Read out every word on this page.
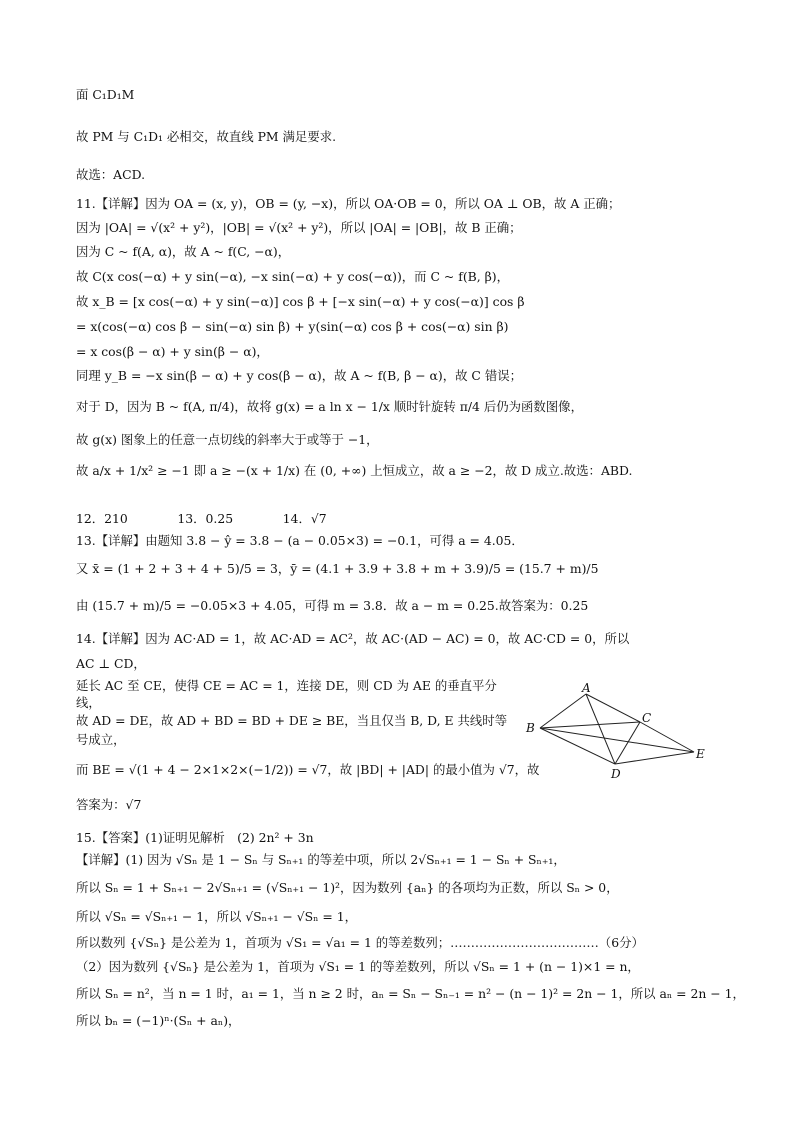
面 C₁D₁M
故 PM 与 C₁D₁ 必相交，故直线 PM 满足要求.
故选：ACD.
11.【详解】因为 OA = (x, y)，OB = (y, −x)，所以 OA·OB = 0，所以 OA ⊥ OB，故 A 正确；
因为 |OA| = √(x² + y²)，|OB| = √(x² + y²)，所以 |OA| = |OB|，故 B 正确；
因为 C ~ f(A, α)，故 A ~ f(C, −α)，
故 C(x cos(−α) + y sin(−α), −x sin(−α) + y cos(−α))，而 C ~ f(B, β)，
故 x_B = [x cos(−α) + y sin(−α)] cos β + [−x sin(−α) + y cos(−α)] cos β
= x(cos(−α) cos β − sin(−α) sin β) + y(sin(−α) cos β + cos(−α) sin β)
= x cos(β − α) + y sin(β − α)，
同理 y_B = −x sin(β − α) + y cos(β − α)，故 A ~ f(B, β − α)，故 C 错误；
对于 D，因为 B ~ f(A, π/4)，故将 g(x) = a ln x − 1/x 顺时针旋转 π/4 后仍为函数图像，
故 g(x) 图象上的任意一点切线的斜率大于或等于 −1，
故 a/x + 1/x² ≥ −1 即 a ≥ −(x + 1/x) 在 (0, +∞) 上恒成立，故 a ≥ −2，故 D 成立.故选：ABD.
12．210　　　　13．0.25　　　　14．√7
13.【详解】由题知 3.8 − ŷ = 3.8 − (a − 0.05×3) = −0.1，可得 a = 4.05．
又 x̄ = (1 + 2 + 3 + 4 + 5)/5 = 3，ȳ = (4.1 + 3.9 + 3.8 + m + 3.9)/5 = (15.7 + m)/5
由 (15.7 + m)/5 = −0.05×3 + 4.05，可得 m = 3.8．故 a − m = 0.25.故答案为：0.25
14.【详解】因为 AC·AD = 1，故 AC·AD = AC²，故 AC·(AD − AC) = 0，故 AC·CD = 0，所以
AC ⊥ CD，
延长 AC 至 CE，使得 CE = AC = 1，连接 DE，则 CD 为 AE 的垂直平分
线，
故 AD = DE，故 AD + BD = BD + DE ≥ BE，当且仅当 B, D, E 共线时等
号成立，
而 BE = √(1 + 4 − 2×1×2×(−1/2)) = √7，故 |BD| + |AD| 的最小值为 √7，故
答案为：√7
15.【答案】(1)证明见解析　(2) 2n² + 3n
【详解】(1) 因为 √Sₙ 是 1 − Sₙ 与 Sₙ₊₁ 的等差中项，所以 2√Sₙ₊₁ = 1 − Sₙ + Sₙ₊₁，
所以 Sₙ = 1 + Sₙ₊₁ − 2√Sₙ₊₁ = (√Sₙ₊₁ − 1)²，因为数列 {aₙ} 的各项均为正数，所以 Sₙ > 0，
所以 √Sₙ = √Sₙ₊₁ − 1，所以 √Sₙ₊₁ − √Sₙ = 1，
所以数列 {√Sₙ} 是公差为 1，首项为 √S₁ = √a₁ = 1 的等差数列；………………………………（6分）
（2）因为数列 {√Sₙ} 是公差为 1，首项为 √S₁ = 1 的等差数列，所以 √Sₙ = 1 + (n − 1)×1 = n，
所以 Sₙ = n²，当 n = 1 时，a₁ = 1，当 n ≥ 2 时，aₙ = Sₙ − Sₙ₋₁ = n² − (n − 1)² = 2n − 1，所以 aₙ = 2n − 1，
所以 bₙ = (−1)ⁿ·(Sₙ + aₙ)，
A
B
C
D
E
